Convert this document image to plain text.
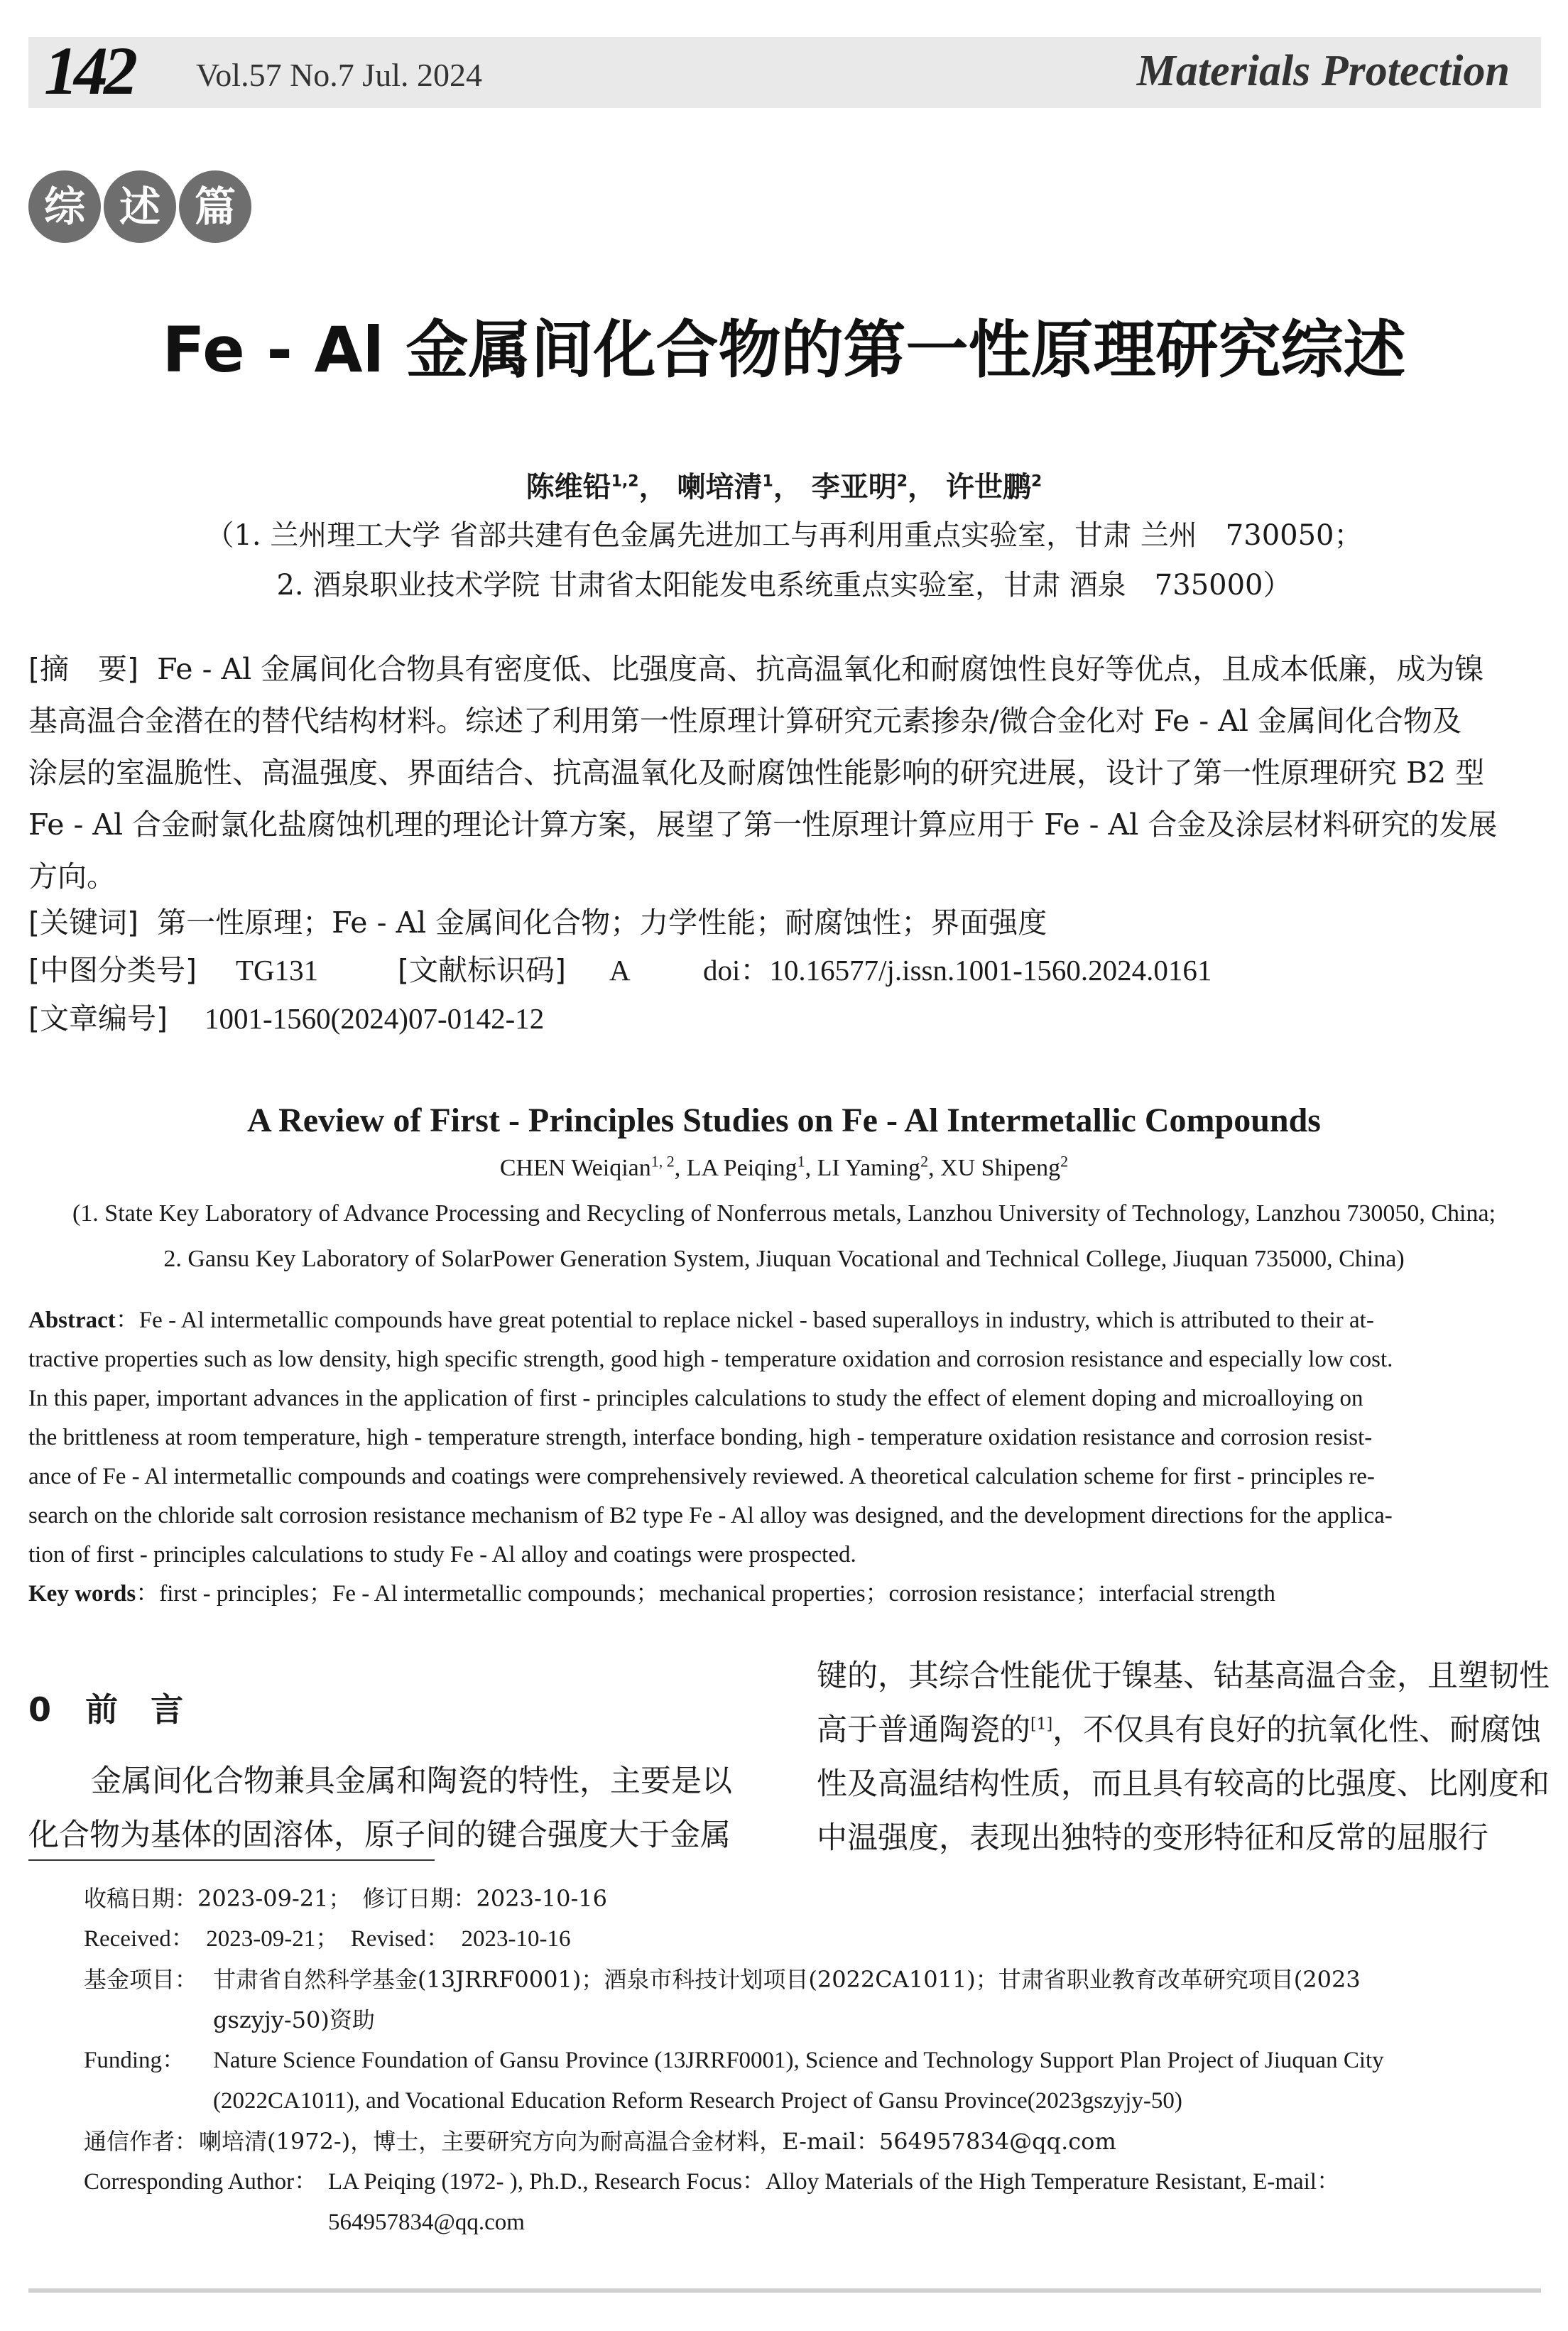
142 Vol.57 No.7 Jul. 2024	Materials Protection
综 述 篇
Fe - Al 金属间化合物的第一性原理研究综述
陈维铅$^{1,2}$， 喇培清$^1$， 李亚明$^2$， 许世鹏$^2$
（1. 兰州理工大学 省部共建有色金属先进加工与再利用重点实验室，甘肃 兰州　730050；
2. 酒泉职业技术学院 甘肃省太阳能发电系统重点实验室，甘肃 酒泉　735000）
[摘　要] Fe - Al 金属间化合物具有密度低、比强度高、抗高温氧化和耐腐蚀性良好等优点，且成本低廉，成为镍
基高温合金潜在的替代结构材料。综述了利用第一性原理计算研究元素掺杂/微合金化对 Fe - Al 金属间化合物及
涂层的室温脆性、高温强度、界面结合、抗高温氧化及耐腐蚀性能影响的研究进展，设计了第一性原理研究 B2 型
Fe - Al 合金耐氯化盐腐蚀机理的理论计算方案，展望了第一性原理计算应用于 Fe - Al 合金及涂层材料研究的发展
方向。
[关键词] 第一性原理；Fe - Al 金属间化合物；力学性能；耐腐蚀性；界面强度
[中图分类号] TG131	[文献标识码] A doi：10.16577/j.issn.1001-1560.2024.0161
[文章编号] 1001-1560(2024)07-0142-12
A Review of First - Principles Studies on Fe - Al Intermetallic Compounds
CHEN Weiqian$^{1, 2}$, LA Peiqing$^1$, LI Yaming$^2$, XU Shipeng$^2$
(1. State Key Laboratory of Advance Processing and Recycling of Nonferrous metals, Lanzhou University of Technology, Lanzhou 730050, China;
2. Gansu Key Laboratory of SolarPower Generation System, Jiuquan Vocational and Technical College, Jiuquan 735000, China)
Abstract：Fe - Al intermetallic compounds have great potential to replace nickel - based superalloys in industry, which is attributed to their at-
tractive properties such as low density, high specific strength, good high - temperature oxidation and corrosion resistance and especially low cost.
In this paper, important advances in the application of first - principles calculations to study the effect of element doping and microalloying on
the brittleness at room temperature, high - temperature strength, interface bonding, high - temperature oxidation resistance and corrosion resist-
ance of Fe - Al intermetallic compounds and coatings were comprehensively reviewed. A theoretical calculation scheme for first - principles re-
search on the chloride salt corrosion resistance mechanism of B2 type Fe - Al alloy was designed, and the development directions for the applica-
tion of first - principles calculations to study Fe - Al alloy and coatings were prospected.
Key words：first - principles；Fe - Al intermetallic compounds；mechanical properties；corrosion resistance；interfacial strength
0 前　言
金属间化合物兼具金属和陶瓷的特性，主要是以
化合物为基体的固溶体，原子间的键合强度大于金属
键的，其综合性能优于镍基、钴基高温合金，且塑韧性
高于普通陶瓷的[1]，不仅具有良好的抗氧化性、耐腐蚀
性及高温结构性质，而且具有较高的比强度、比刚度和
中温强度，表现出独特的变形特征和反常的屈服行
收稿日期：2023-09-21；　修订日期：2023-10-16
Received：　2023-09-21；　Revised：　2023-10-16
基金项目： 甘肃省自然科学基金(13JRRF0001)；酒泉市科技计划项目(2022CA1011)；甘肃省职业教育改革研究项目(2023
gszyjy-50)资助
Funding： Nature Science Foundation of Gansu Province (13JRRF0001), Science and Technology Support Plan Project of Jiuquan City
(2022CA1011), and Vocational Education Reform Research Project of Gansu Province(2023gszyjy-50)
通信作者： 喇培清(1972-)，博士，主要研究方向为耐高温合金材料，E-mail：564957834@qq.com
Corresponding Author： LA Peiqing (1972- ), Ph.D., Research Focus：Alloy Materials of the High Temperature Resistant, E-mail：
564957834@qq.com
